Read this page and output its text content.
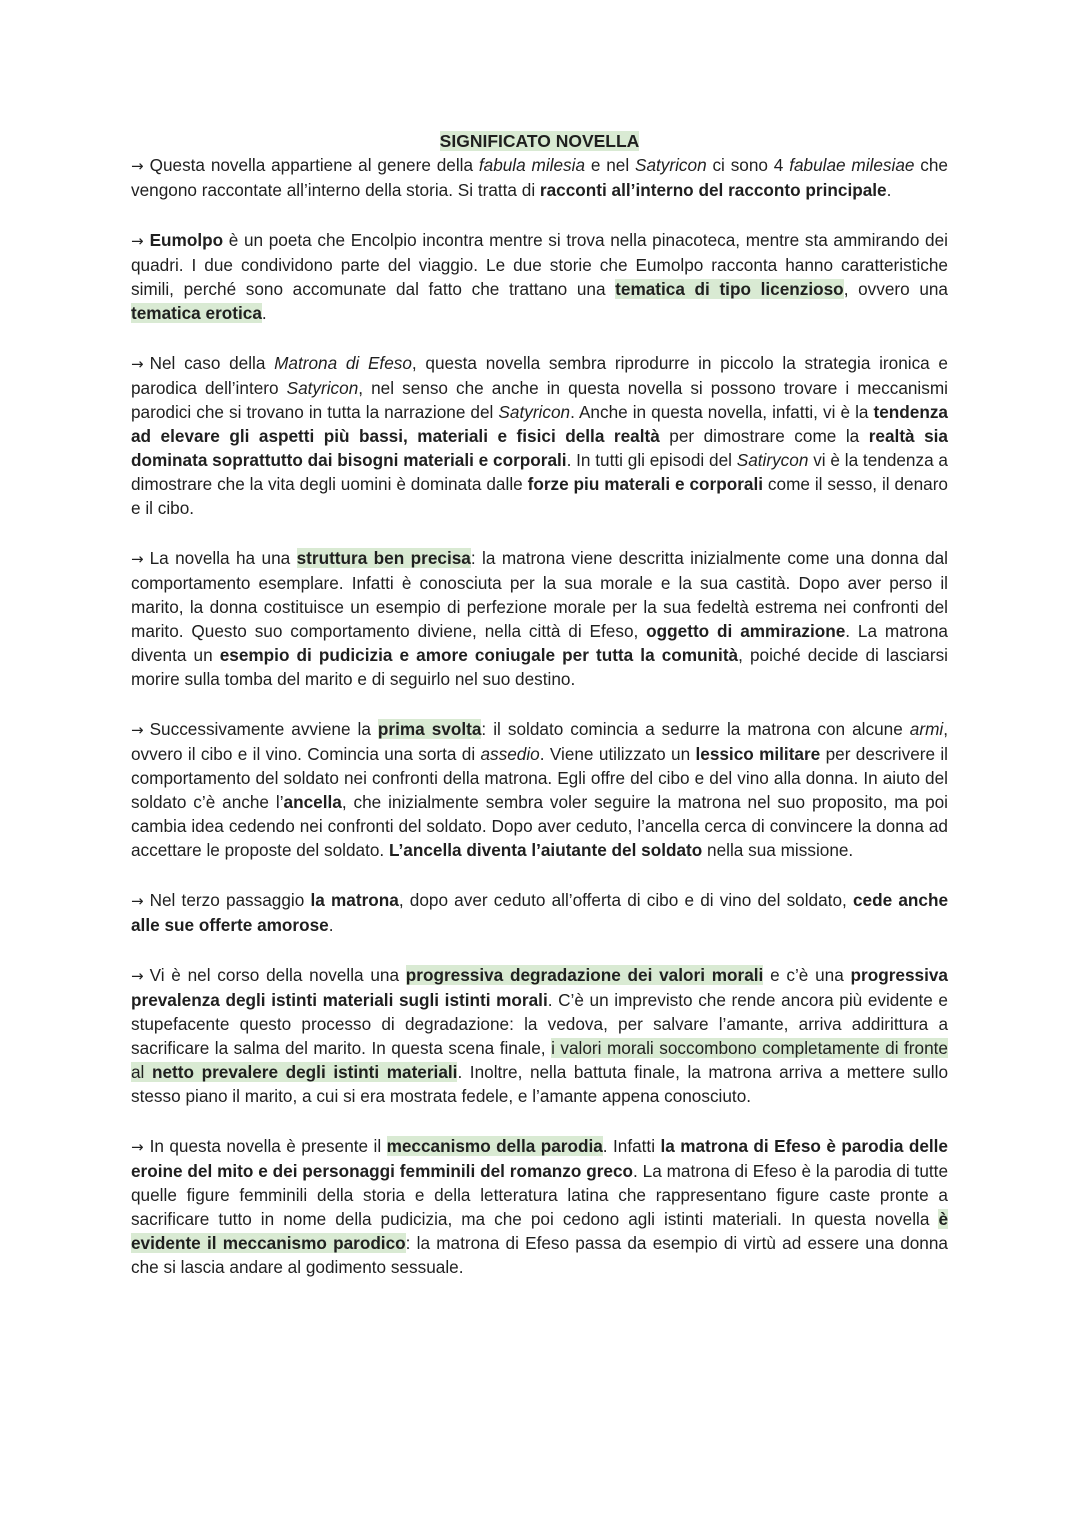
SIGNIFICATO NOVELLA

→ Questa novella appartiene al genere della fabula milesia e nel Satyricon ci sono 4 fabulae milesiae che vengono raccontate all’interno della storia. Si tratta di racconti all’interno del racconto principale.

→ Eumolpo è un poeta che Encolpio incontra mentre si trova nella pinacoteca, mentre sta ammirando dei quadri. I due condividono parte del viaggio. Le due storie che Eumolpo racconta hanno caratteristiche simili, perché sono accomunate dal fatto che trattano una tematica di tipo licenzioso, ovvero una tematica erotica.

→ Nel caso della Matrona di Efeso, questa novella sembra riprodurre in piccolo la strategia ironica e parodica dell’intero Satyricon, nel senso che anche in questa novella si possono trovare i meccanismi parodici che si trovano in tutta la narrazione del Satyricon. Anche in questa novella, infatti, vi è la tendenza ad elevare gli aspetti più bassi, materiali e fisici della realtà per dimostrare come la realtà sia dominata soprattutto dai bisogni materiali e corporali. In tutti gli episodi del Satirycon vi è la tendenza a dimostrare che la vita degli uomini è dominata dalle forze piu materali e corporali come il sesso, il denaro e il cibo.

→ La novella ha una struttura ben precisa: la matrona viene descritta inizialmente come una donna dal comportamento esemplare. Infatti è conosciuta per la sua morale e la sua castità. Dopo aver perso il marito, la donna costituisce un esempio di perfezione morale per la sua fedeltà estrema nei confronti del marito. Questo suo comportamento diviene, nella città di Efeso, oggetto di ammirazione. La matrona diventa un esempio di pudicizia e amore coniugale per tutta la comunità, poiché decide di lasciarsi morire sulla tomba del marito e di seguirlo nel suo destino.

→ Successivamente avviene la prima svolta: il soldato comincia a sedurre la matrona con alcune armi, ovvero il cibo e il vino. Comincia una sorta di assedio. Viene utilizzato un lessico militare per descrivere il comportamento del soldato nei confronti della matrona. Egli offre del cibo e del vino alla donna. In aiuto del soldato c’è anche l’ancella, che inizialmente sembra voler seguire la matrona nel suo proposito, ma poi cambia idea cedendo nei confronti del soldato. Dopo aver ceduto, l’ancella cerca di convincere la donna ad accettare le proposte del soldato. L’ancella diventa l’aiutante del soldato nella sua missione.

→ Nel terzo passaggio la matrona, dopo aver ceduto all’offerta di cibo e di vino del soldato, cede anche alle sue offerte amorose.

→ Vi è nel corso della novella una progressiva degradazione dei valori morali e c’è una progressiva prevalenza degli istinti materiali sugli istinti morali. C’è un imprevisto che rende ancora più evidente e stupefacente questo processo di degradazione: la vedova, per salvare l’amante, arriva addirittura a sacrificare la salma del marito. In questa scena finale, i valori morali soccombono completamente di fronte al netto prevalere degli istinti materiali. Inoltre, nella battuta finale, la matrona arriva a mettere sullo stesso piano il marito, a cui si era mostrata fedele, e l’amante appena conosciuto.

→ In questa novella è presente il meccanismo della parodia. Infatti la matrona di Efeso è parodia delle eroine del mito e dei personaggi femminili del romanzo greco. La matrona di Efeso è la parodia di tutte quelle figure femminili della storia e della letteratura latina che rappresentano figure caste pronte a sacrificare tutto in nome della pudicizia, ma che poi cedono agli istinti materiali. In questa novella è evidente il meccanismo parodico: la matrona di Efeso passa da esempio di virtù ad essere una donna che si lascia andare al godimento sessuale.
